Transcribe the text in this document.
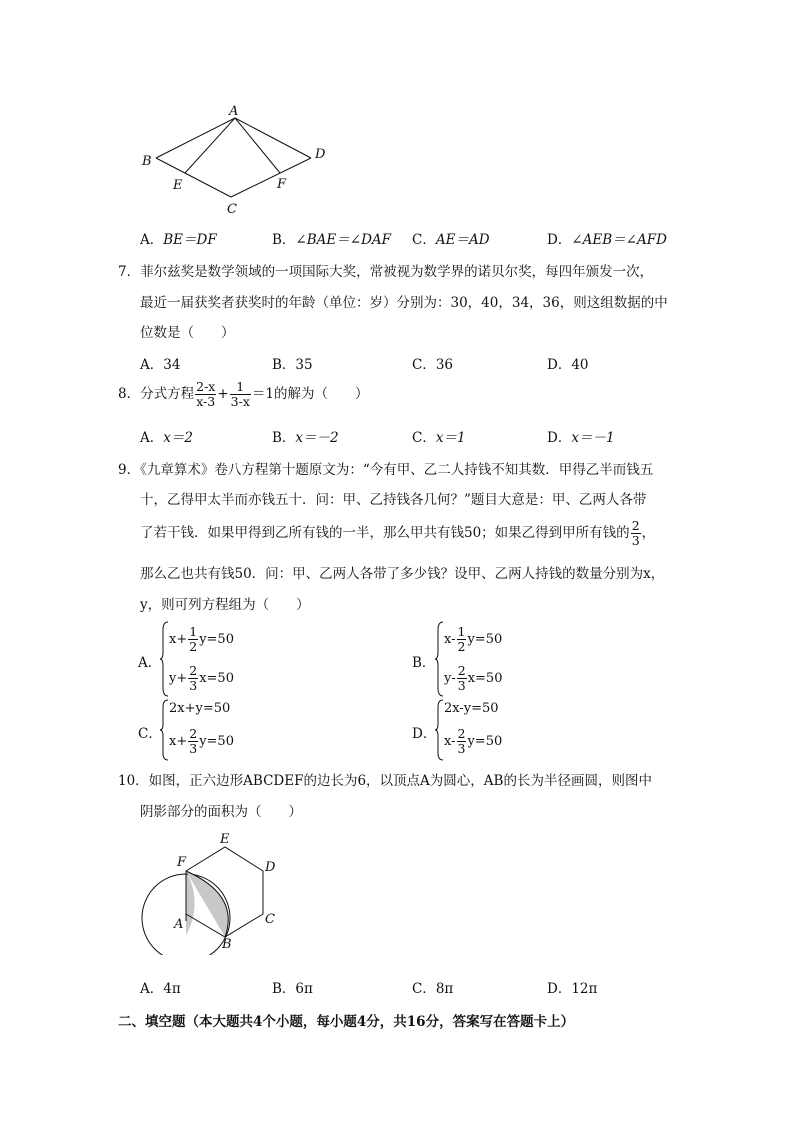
A
B
C
D
E	F
A．BE＝DF	B．∠BAE＝∠DAF C．AE＝AD	D．∠AEB＝∠AFD
7．菲尔兹奖是数学领域的一项国际大奖，常被视为数学界的诺贝尔奖，每四年颁发一次，
最近一届获奖者获奖时的年龄（单位：岁）分别为：30，40，34，36，则这组数据的中
位数是（　　）
A．34	B．35	C．36	D．40
8．分式方程 $\frac{2-x}{x-3} + \frac{1}{3-x} =1$的解为（　　）
A．x＝2	B．x＝－2	C．x＝1	D．x＝－1
9．《九章算术》卷八方程第十题原文为：“今有甲、乙二人持钱不知其数．甲得乙半而钱五
十，乙得甲太半而亦钱五十．问：甲、乙持钱各几何？”题目大意是：甲、乙两人各带
了若干钱．如果甲得到乙所有钱的一半，那么甲共有钱50；如果乙得到甲所有钱的 $\frac{2}{3}$ ，
那么乙也共有钱50．问：甲、乙两人各带了多少钱？设甲、乙两人持钱的数量分别为x，
y，则可列方程组为（　　）
A．
$x+ \frac{1}{2} y=50$
$y+ \frac{2}{3} x=50$
B．
$x- \frac{1}{2} y=50$
$y- \frac{2}{3} x=50$
C．
2x+y=50
$x+ \frac{2}{3} y=50$	D．
2x-y=50
$x- \frac{2}{3} y=50$
10．如图，正六边形ABCDEF的边长为6，以顶点A为圆心，AB的长为半径画圆，则图中
阴影部分的面积为（　　）
E
F	D
C
A
B
A．4π	B．6π	C．8π	D．12π
二、填空题（本大题共4个小题，每小题4分，共16分，答案写在答题卡上）
